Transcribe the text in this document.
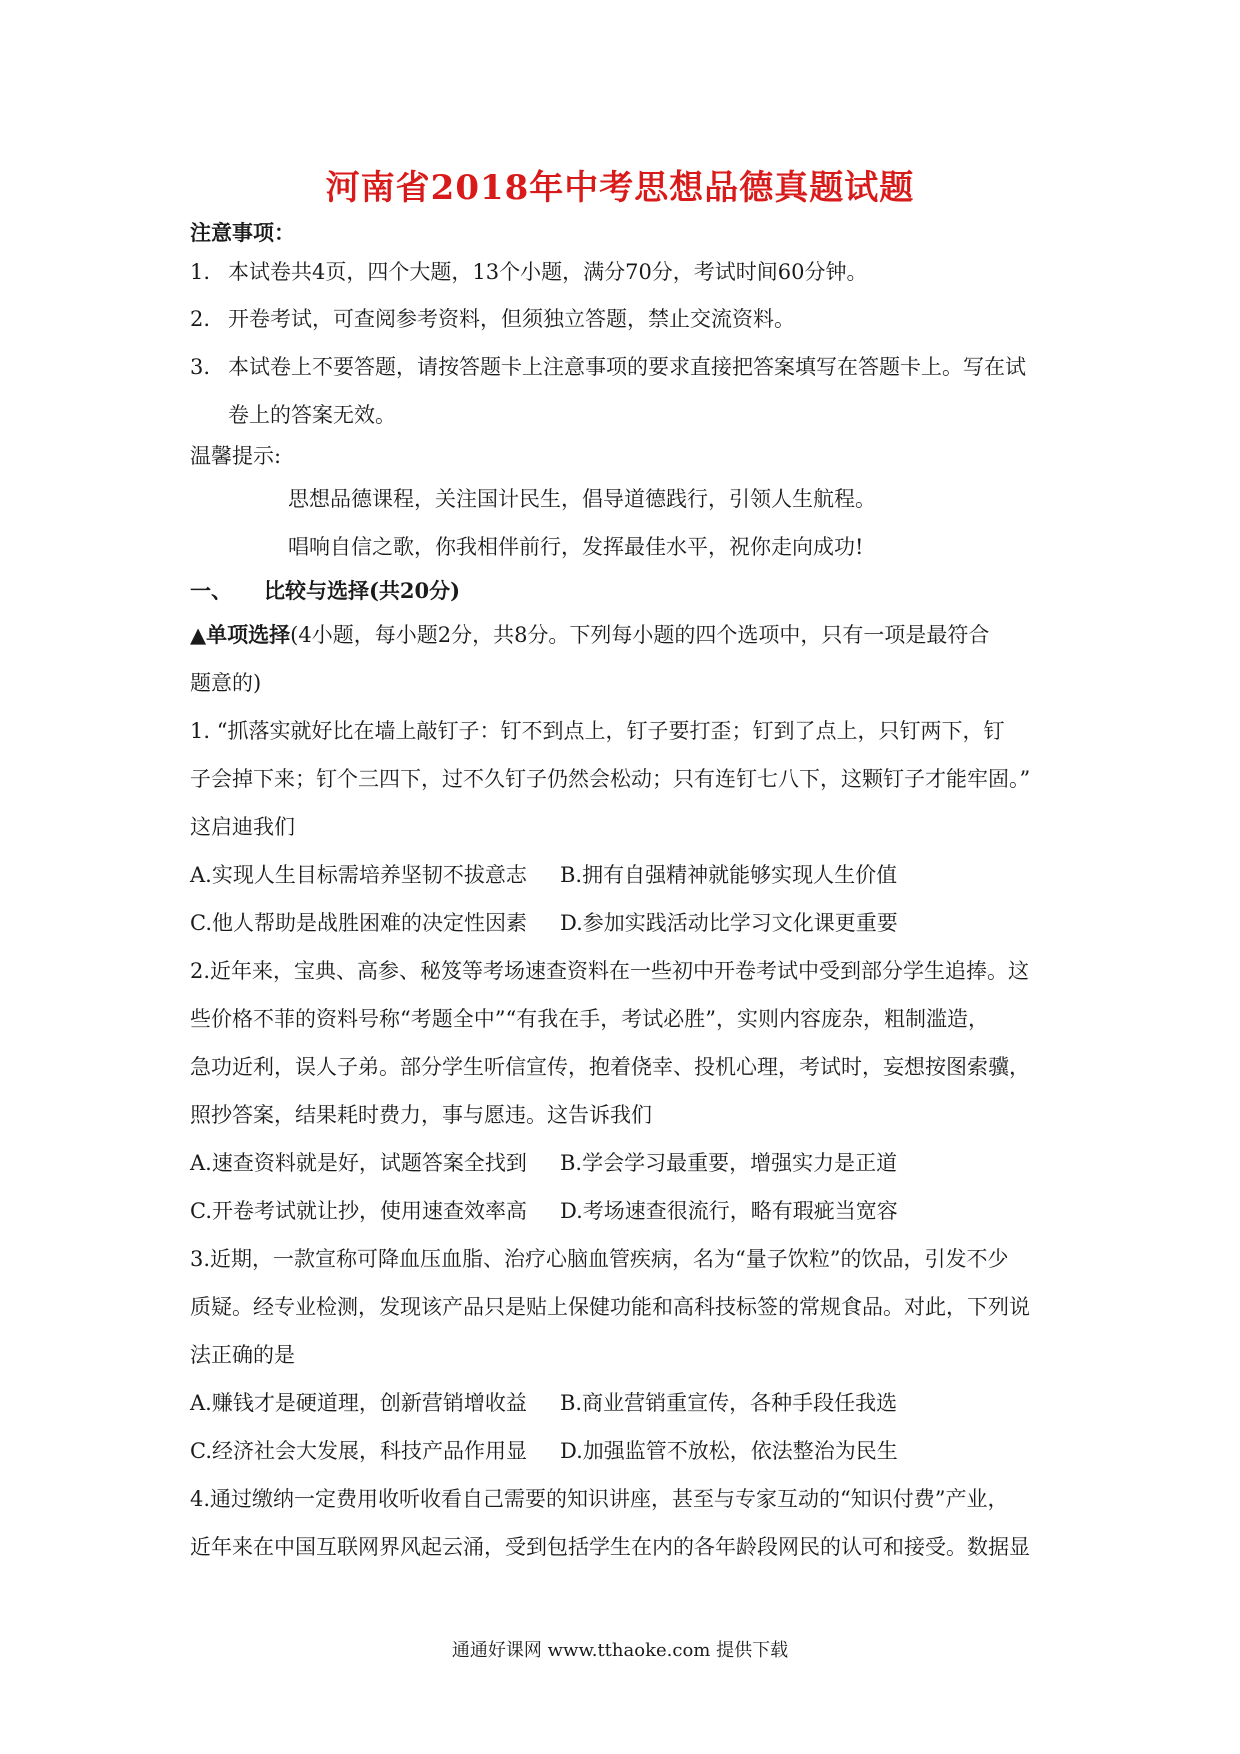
河南省2018年中考思想品德真题试题
注意事项：
1. 本试卷共4页，四个大题，13个小题，满分70分，考试时间60分钟。
2. 开卷考试，可查阅参考资料，但须独立答题，禁止交流资料。
3. 本试卷上不要答题，请按答题卡上注意事项的要求直接把答案填写在答题卡上。写在试
卷上的答案无效。
温馨提示:
思想品德课程，关注国计民生，倡导道德践行，引领人生航程。
唱响自信之歌，你我相伴前行，发挥最佳水平，祝你走向成功!
一、 比较与选择(共20分)
▲单项选择(4小题，每小题2分，共8分。下列每小题的四个选项中，只有一项是最符合
题意的)
1. “抓落实就好比在墙上敲钉子：钉不到点上，钉子要打歪；钉到了点上，只钉两下，钉
子会掉下来；钉个三四下，过不久钉子仍然会松动；只有连钉七八下，这颗钉子才能牢固。”
这启迪我们
A.实现人生目标需培养坚韧不拔意志 B.拥有自强精神就能够实现人生价值
C.他人帮助是战胜困难的决定性因素 D.参加实践活动比学习文化课更重要
2.近年来，宝典、高参、秘笈等考场速查资料在一些初中开卷考试中受到部分学生追捧。这
些价格不菲的资料号称“考题全中”“有我在手，考试必胜”，实则内容庞杂，粗制滥造，
急功近利，误人子弟。部分学生听信宣传，抱着侥幸、投机心理，考试时，妄想按图索骥，
照抄答案，结果耗时费力，事与愿违。这告诉我们
A.速查资料就是好，试题答案全找到 B.学会学习最重要，增强实力是正道
C.开卷考试就让抄，使用速查效率高 D.考场速查很流行，略有瑕疵当宽容
3.近期，一款宣称可降血压血脂、治疗心脑血管疾病，名为“量子饮粒”的饮品，引发不少
质疑。经专业检测，发现该产品只是贴上保健功能和高科技标签的常规食品。对此，下列说
法正确的是
A.赚钱才是硬道理，创新营销增收益 B.商业营销重宣传，各种手段任我选
C.经济社会大发展，科技产品作用显 D.加强监管不放松，依法整治为民生
4.通过缴纳一定费用收听收看自己需要的知识讲座，甚至与专家互动的“知识付费”产业，
近年来在中国互联网界风起云涌，受到包括学生在内的各年龄段网民的认可和接受。数据显
通通好课网 www.tthaoke.com 提供下载
